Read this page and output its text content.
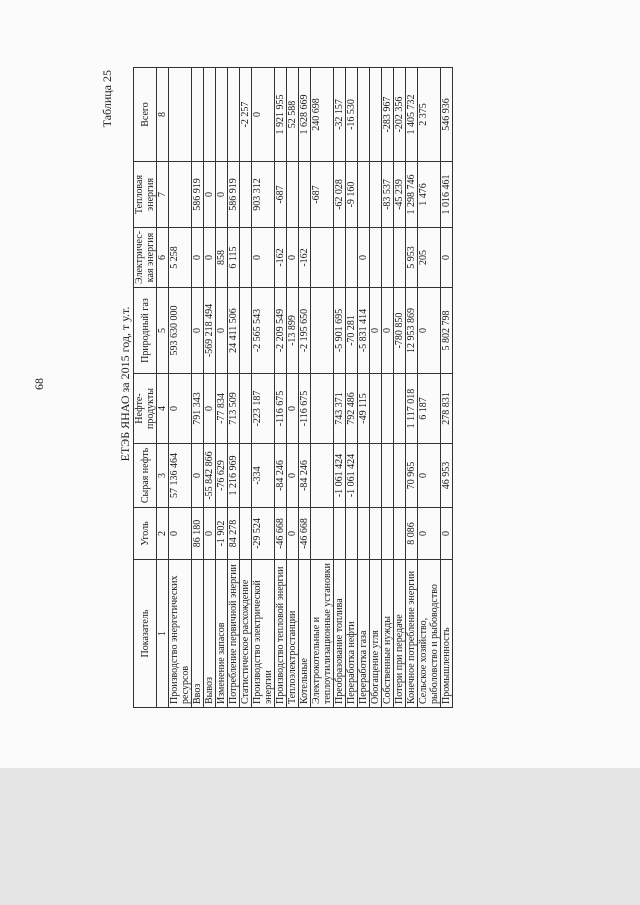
68
Таблица 25
ЕТЭБ ЯНАО за 2015 год, т у.т.
Показатель	Уголь	Сырая нефть	Нефте-продукты	Природный газ	Электричес-кая энергия	Тепловая энергия	Всего
1	2	3	4	5	6	7	8
Производство энергетических ресурсов	0	57 136 464	0	593 630 000	5 258		
Ввоз	86 180	0	791 343	0	0	586 919	
Вывоз	0	-55 842 866	0	-569 218 494	0	0	
Изменение запасов	-1 902	-76 629	-77 834	0	858	0	
Потребление первичной энергии	84 278	1 216 969	713 509	24 411 506	6 115	586 919	
Статистическое расхождение							-2 257
Производство электрической энергии	-29 524	-334	-223 187	-2 565 543	0	903 312	0
Производство тепловой энергии	-46 668	-84 246	-116 675	-2 209 549	-162	-687	1 921 955
Теплоэлектростанции	0	0	0	-13 899	0		52 588
Котельные	-46 668	-84 246	-116 675	-2 195 650	-162		1 628 669
Электрокотельные и теплоутилизационные установки						-687	240 698
Преобразование топлива		-1 061 424	743 371	-5 901 695		-62 028	-32 157
Переработка нефти		-1 061 424	792 486	-70 281		-9 160	-16 530
Переработка газа			-49 115	-5 831 414	0		
Обогащение угля				0			
Собственные нужды				0		-83 537	-283 967
Потери при передаче				-780 850		-45 239	-202 356
Конечное потребление энергии	8 086	70 965	1 117 018	12 953 869	5 953	1 298 746	1 405 732
Сельское хозяйство, рыболовство и рыбоводство	0	0	6 187	0	205	1 476	2 375
Промышленность	0	46 953	278 831	5 802 798	0	1 016 461	546 936
